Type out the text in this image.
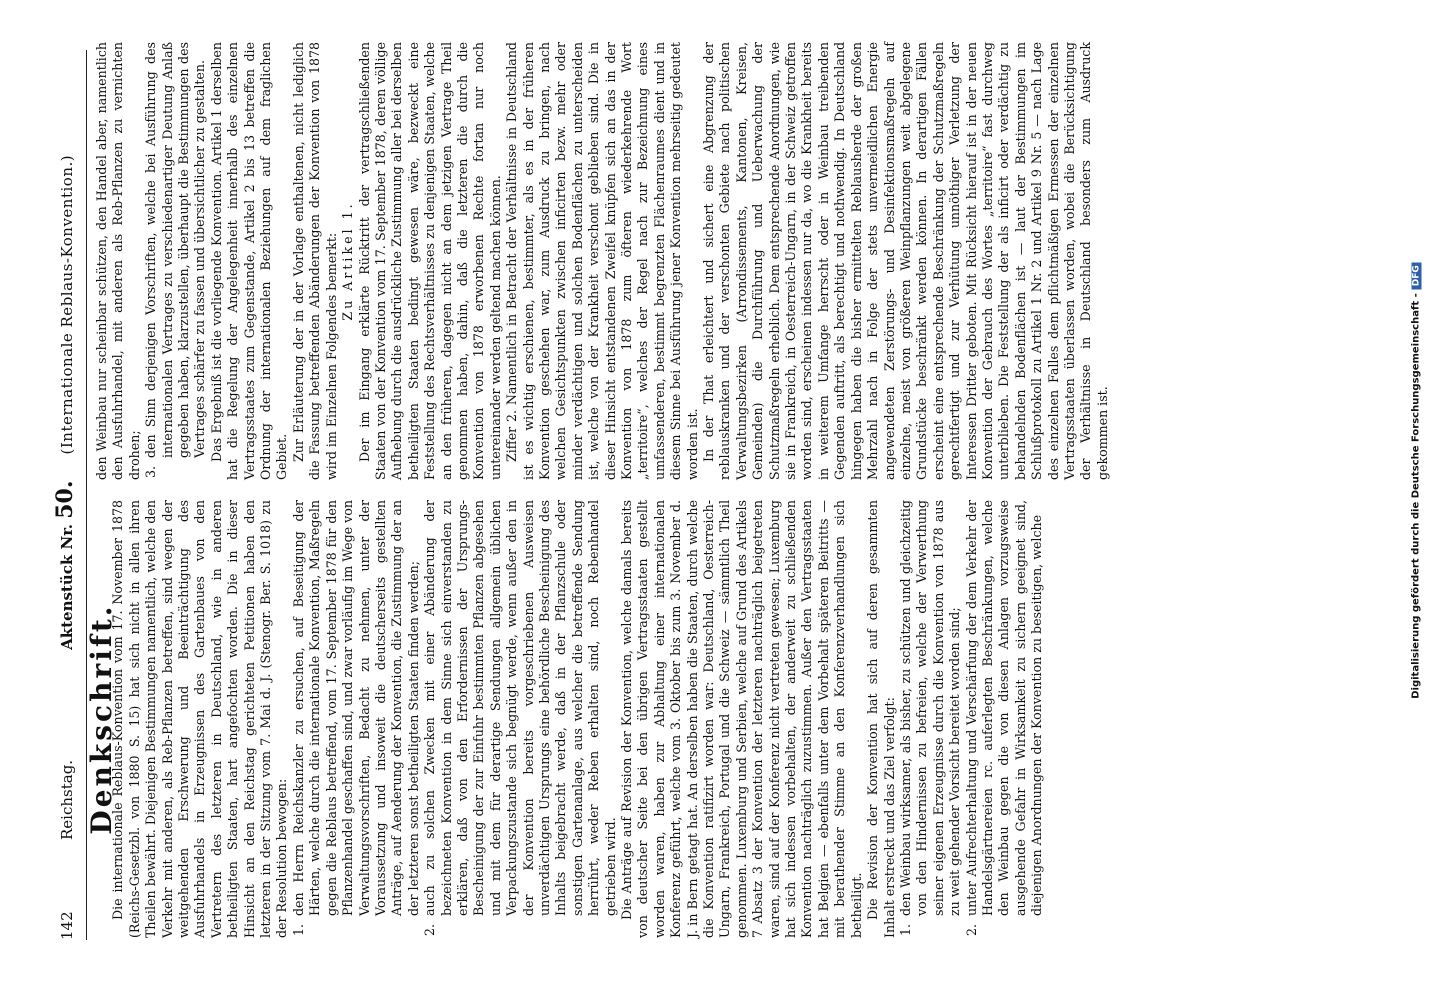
142
Reichstag.
Aktenstück Nr. 50.
(Internationale Reblaus-Konvention.)

Denkschrift.

Die internationale Reblaus-Konvention vom 17. November 1878 (Reichs-Gesetzbl. von 1880 S. 15) hat sich nicht in allen ihren Theilen bewährt. Diejenigen Bestimmungen namentlich, welche den Verkehr mit anderen, als Reb-Pflanzen betreffen, sind wegen der weitgehenden Erschwerung und Beeinträchtigung des Ausfuhrhandels in Erzeugnissen des Gartenbaues von den Vertretern des letzteren in Deutschland, wie in anderen betheiligten Staaten, hart angefochten worden. Die in dieser Hinsicht an den Reichstag gerichteten Petitionen haben den letzteren in der Sitzung vom 7. Mai d. J. (Stenogr. Ber. S. 1018) zu der Resolution bewogen: 1.
den Herrn Reichskanzler zu ersuchen, auf Beseitigung der Härten, welche durch die internationale Konvention, Maßregeln gegen die Reblaus betreffend, vom 17. September 1878 für den Pflanzenhandel geschaffen sind, und zwar vorläufig im Wege von Verwaltungsvorschriften, Bedacht zu nehmen, unter der Voraussetzung und insoweit die deutscherseits gestellten Anträge, auf Aenderung der Konvention, die Zustimmung der an der letzteren sonst betheiligten Staaten finden werden;

2.
auch zu solchen Zwecken mit einer Abänderung der bezeichneten Konvention in dem Sinne sich einverstanden zu erklären, daß von den Erfordernissen der Ursprungs-Bescheinigung der zur Einfuhr bestimmten Pflanzen abgesehen und mit dem für derartige Sendungen allgemein üblichen Verpackungszustande sich begnügt werde, wenn außer den in der Konvention bereits vorgeschriebenen Ausweisen unverdächtigen Ursprungs eine behördliche Bescheinigung des Inhalts beigebracht werde, daß in der Pflanzschule oder sonstigen Gartenanlage, aus welcher die betreffende Sendung herrührt, weder Reben erhalten sind, noch Rebenhandel getrieben wird. Die Anträge auf Revision der Konvention, welche damals bereits von deutscher Seite bei den übrigen Vertragsstaaten gestellt worden waren, haben zur Abhaltung einer internationalen Konferenz geführt, welche vom 3. Oktober bis zum 3. November d. J. in Bern getagt hat. An derselben haben die Staaten, durch welche die Konvention ratifizirt worden war: Deutschland, Oesterreich-Ungarn, Frankreich, Portugal und die Schweiz — sämmtlich Theil genommen. Luxemburg und Serbien, welche auf Grund des Artikels 7 Absatz 3 der Konvention der letzteren nachträglich beigetreten waren, sind auf der Konferenz nicht vertreten gewesen; Luxemburg hat sich indessen vorbehalten, der anderweit zu schließenden Konvention nachträglich zuzustimmen. Außer den Vertragsstaaten hat Belgien — ebenfalls unter dem Vorbehalt späteren Beitritts — mit berathender Stimme an den Konferenzverhandlungen sich betheiligt. Die Revision der Konvention hat sich auf deren gesammten Inhalt erstreckt und das Ziel verfolgt: 1.
den Weinbau wirksamer, als bisher, zu schützen und gleichzeitig von den Hindernissen zu befreien, welche der Verwerthung seiner eigenen Erzeugnisse durch die Konvention von 1878 aus zu weit gehender Vorsicht bereitet worden sind;

2.
unter Aufrechterhaltung und Verschärfung der dem Verkehr der Handelsgärtnereien rc. auferlegten Beschränkungen, welche den Weinbau gegen die von diesen Anlagen vorzugsweise ausgehende Gefahr in Wirksamkeit zu sichern geeignet sind, diejenigen Anordnungen der Konvention zu beseitigen, welche

den Weinbau nur scheinbar schützen, den Handel aber, namentlich den Ausfuhrhandel, mit anderen als Reb-Pflanzen zu vernichten drohen; 3.
den Sinn derjenigen Vorschriften, welche bei Ausführung des internationalen Vertrages zu verschiedenartiger Deutung Anlaß gegeben haben, klarzustellen, überhaupt die Bestimmungen des Vertrages schärfer zu fassen und übersichtlicher zu gestalten. Das Ergebniß ist die vorliegende Konvention. Artikel 1 derselben hat die Regelung der Angelegenheit innerhalb des einzelnen Vertragsstaates zum Gegenstande, Artikel 2 bis 13 betreffen die Ordnung der internationalen Beziehungen auf dem fraglichen Gebiet. Zur Erläuterung der in der Vorlage enthaltenen, nicht lediglich die Fassung betreffenden Abänderungen der Konvention von 1878 wird im Einzelnen Folgendes bemerkt: Zu Artikel 1. Der im Eingang erklärte Rücktritt der vertragschließenden Staaten von der Konvention vom 17. September 1878, deren völlige Aufhebung durch die ausdrückliche Zustimmung aller bei derselben betheiligten Staaten bedingt gewesen wäre, bezweckt eine Feststellung des Rechtsverhältnisses zu denjenigen Staaten, welche an den früheren, dagegen nicht an dem jetzigen Vertrage Theil genommen haben, dahin, daß die letzteren die durch die Konvention von 1878 erworbenen Rechte fortan nur noch untereinander werden geltend machen können. Ziffer 2. Namentlich in Betracht der Verhältnisse in Deutschland ist es wichtig erschienen, bestimmter, als es in der früheren Konvention geschehen war, zum Ausdruck zu bringen, nach welchen Gesichtspunkten zwischen inficirten bezw. mehr oder minder verdächtigen und solchen Bodenflächen zu unterscheiden ist, welche von der Krankheit verschont geblieben sind. Die in dieser Hinsicht entstandenen Zweifel knüpfen sich an das in der Konvention von 1878 zum öfteren wiederkehrende Wort „territoire“, welches der Regel nach zur Bezeichnung eines umfassenderen, bestimmt begrenzten Flächenraumes dient und in diesem Sinne bei Ausführung jener Konvention mehrseitig gedeutet worden ist. In der That erleichtert und sichert eine Abgrenzung der reblauskranken und der verschonten Gebiete nach politischen Verwaltungsbezirken (Arrondissements, Kantonen, Kreisen, Gemeinden) die Durchführung und Ueberwachung der Schutzmaßregeln erheblich. Dem entsprechende Anordnungen, wie sie in Frankreich, in Oesterreich-Ungarn, in der Schweiz getroffen worden sind, erscheinen indessen nur da, wo die Krankheit bereits in weiterem Umfange herrscht oder in Weinbau treibenden Gegenden auftritt, als berechtigt und nothwendig. In Deutschland hingegen haben die bisher ermittelten Reblausherde der großen Mehrzahl nach in Folge der stets unvermeidlichen Energie angewendeten Zerstörungs- und Desinfektionsmaßregeln auf einzelne, meist von größeren Weinpflanzungen weit abgelegene Grundstücke beschränkt werden können. In derartigen Fällen erscheint eine entsprechende Beschränkung der Schutzmaßregeln gerechtfertigt und zur Verhütung unnöthiger Verletzung der Interessen Dritter geboten. Mit Rücksicht hierauf ist in der neuen Konvention der Gebrauch des Wortes „territoire“ fast durchweg unterblieben. Die Feststellung der als inficirt oder verdächtig zu behandelnden Bodenflächen ist — laut der Bestimmungen im Schlußprotokoll zu Artikel 1 Nr. 2 und Artikel 9 Nr. 5 — nach Lage des einzelnen Falles dem pflichtmäßigen Ermessen der einzelnen Vertragsstaaten überlassen worden, wobei die Berücksichtigung der Verhältnisse in Deutschland besonders zum Ausdruck gekommen ist.	Digitalisierung gefördert durch die Deutsche Forschungsgemeinschaft -DFG
